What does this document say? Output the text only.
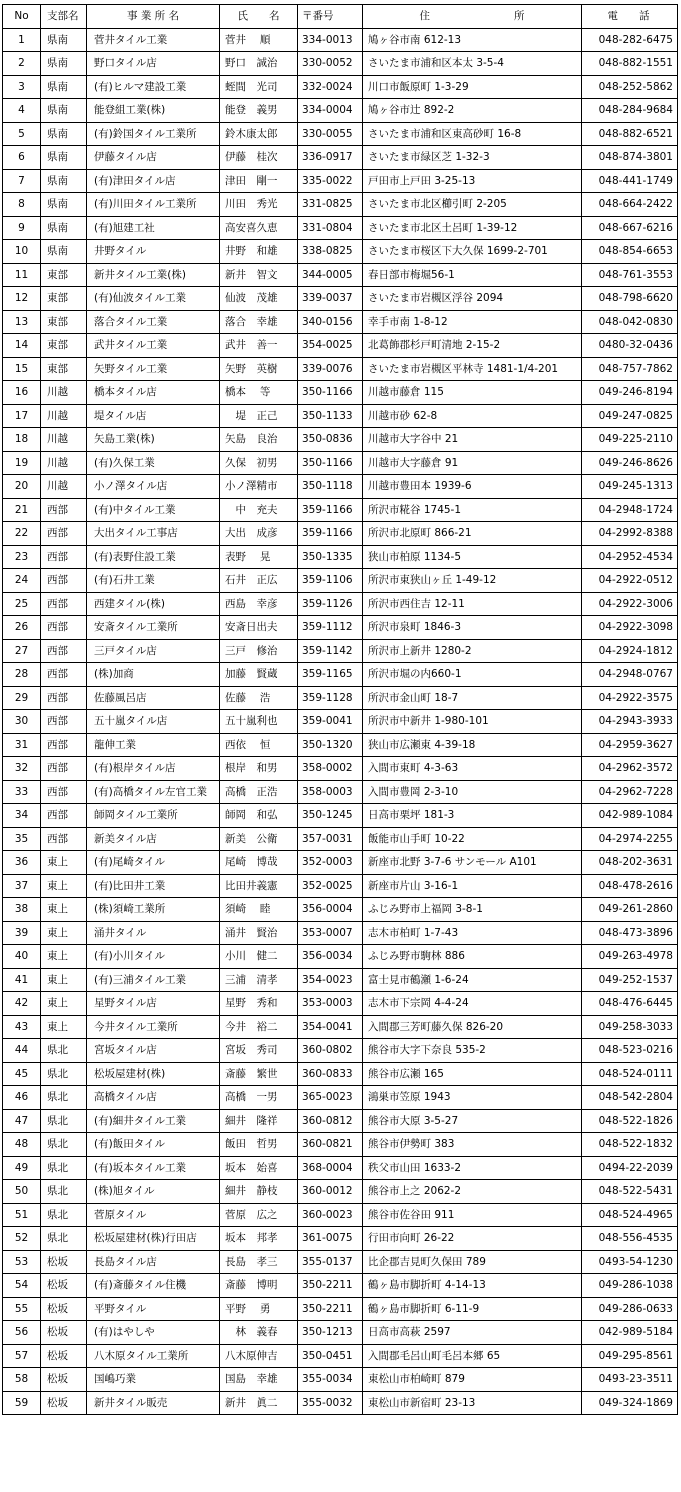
No	支部名	事 業 所 名	氏　　名	〒番号	住　　　　　　　　所	電　　話
1	県南	菅井タイル工業	菅井　 順	334-0013	鳩ヶ谷市南 612-13	048-282-6475
2	県南	野口タイル店	野口　誠治	330-0052	さいたま市浦和区本太 3-5-4	048-882-1551
3	県南	(有)ヒルマ建設工業	蛭間　光司	332-0024	川口市飯原町 1-3-29	048-252-5862
4	県南	能登組工業(株)	能登　義男	334-0004	鳩ヶ谷市辻 892-2	048-284-9684
5	県南	(有)鈴国タイル工業所	鈴木康太郎	330-0055	さいたま市浦和区東高砂町 16-8	048-882-6521
6	県南	伊藤タイル店	伊藤　桂次	336-0917	さいたま市緑区芝 1-32-3	048-874-3801
7	県南	(有)津田タイル店	津田　剛一	335-0022	戸田市上戸田 3-25-13	048-441-1749
8	県南	(有)川田タイル工業所	川田　秀光	331-0825	さいたま市北区櫛引町 2-205	048-664-2422
9	県南	(有)旭建工社	高安喜久恵	331-0804	さいたま市北区土呂町 1-39-12	048-667-6216
10	県南	井野タイル	井野　和雄	338-0825	さいたま市桜区下大久保 1699-2-701	048-854-6653
11	東部	新井タイル工業(株)	新井　智文	344-0005	春日部市梅堀56-1	048-761-3553
12	東部	(有)仙波タイル工業	仙波　茂雄	339-0037	さいたま市岩槻区浮谷 2094	048-798-6620
13	東部	落合タイル工業	落合　幸雄	340-0156	幸手市南 1-8-12	048-042-0830
14	東部	武井タイル工業	武井　善一	354-0025	北葛飾郡杉戸町清地 2-15-2	0480-32-0436
15	東部	矢野タイル工業	矢野　英樹	339-0076	さいたま市岩槻区平林寺 1481-1/4-201	048-757-7862
16	川越	橋本タイル店	橋本　 等	350-1166	川越市藤倉 115	049-246-8194
17	川越	堤タイル店	　堤　正己	350-1133	川越市砂 62-8	049-247-0825
18	川越	矢島工業(株)	矢島　良治	350-0836	川越市大字谷中 21	049-225-2110
19	川越	(有)久保工業	久保　初男	350-1166	川越市大字藤倉 91	049-246-8626
20	川越	小ノ澤タイル店	小ノ澤精市	350-1118	川越市豊田本 1939-6	049-245-1313
21	西部	(有)中タイル工業	　中　充夫	359-1166	所沢市糀谷 1745-1	04-2948-1724
22	西部	大出タイル工事店	大出　成彦	359-1166	所沢市北原町 866-21	04-2992-8388
23	西部	(有)表野住設工業	表野　 晃	350-1335	狭山市柏原 1134-5	04-2952-4534
24	西部	(有)石井工業	石井　正広	359-1106	所沢市東狭山ヶ丘 1-49-12	04-2922-0512
25	西部	西建タイル(株)	西島　幸彦	359-1126	所沢市西住吉 12-11	04-2922-3006
26	西部	安斎タイル工業所	安斎日出夫	359-1112	所沢市泉町 1846-3	04-2922-3098
27	西部	三戸タイル店	三戸　修治	359-1142	所沢市上新井 1280-2	04-2924-1812
28	西部	(株)加商	加藤　賢蔵	359-1165	所沢市堀の内660-1	04-2948-0767
29	西部	佐藤風呂店	佐藤　 浩	359-1128	所沢市金山町 18-7	04-2922-3575
30	西部	五十嵐タイル店	五十嵐利也	359-0041	所沢市中新井 1-980-101	04-2943-3933
31	西部	龍伸工業	西依　 恒	350-1320	狭山市広瀬東 4-39-18	04-2959-3627
32	西部	(有)根岸タイル店	根岸　和男	358-0002	入間市東町 4-3-63	04-2962-3572
33	西部	(有)高橋タイル左官工業	高橋　正浩	358-0003	入間市豊岡 2-3-10	04-2962-7228
34	西部	師岡タイル工業所	師岡　和弘	350-1245	日高市栗坪 181-3	042-989-1084
35	西部	新美タイル店	新美　公衛	357-0031	飯能市山手町 10-22	04-2974-2255
36	東上	(有)尾崎タイル	尾崎　博哉	352-0003	新座市北野 3-7-6 サンモール A101	048-202-3631
37	東上	(有)比田井工業	比田井義憲	352-0025	新座市片山 3-16-1	048-478-2616
38	東上	(株)須崎工業所	須崎　 睦	356-0004	ふじみ野市上福岡 3-8-1	049-261-2860
39	東上	涌井タイル	涌井　賢治	353-0007	志木市柏町 1-7-43	048-473-3896
40	東上	(有)小川タイル	小川　健二	356-0034	ふじみ野市駒林 886	049-263-4978
41	東上	(有)三浦タイル工業	三浦　清孝	354-0023	富士見市鶴瀬 1-6-24	049-252-1537
42	東上	星野タイル店	星野　秀和	353-0003	志木市下宗岡 4-4-24	048-476-6445
43	東上	今井タイル工業所	今井　裕二	354-0041	入間郡三芳町藤久保 826-20	049-258-3033
44	県北	宮坂タイル店	宮坂　秀司	360-0802	熊谷市大字下奈良 535-2	048-523-0216
45	県北	松坂屋建材(株)	斎藤　繁世	360-0833	熊谷市広瀬 165	048-524-0111
46	県北	高橋タイル店	高橋　一男	365-0023	鴻巣市笠原 1943	048-542-2804
47	県北	(有)細井タイル工業	細井　隆祥	360-0812	熊谷市大原 3-5-27	048-522-1826
48	県北	(有)飯田タイル	飯田　哲男	360-0821	熊谷市伊勢町 383	048-522-1832
49	県北	(有)坂本タイル工業	坂本　始喜	368-0004	秩父市山田 1633-2	0494-22-2039
50	県北	(株)旭タイル	細井　静枝	360-0012	熊谷市上之 2062-2	048-522-5431
51	県北	菅原タイル	菅原　広之	360-0023	熊谷市佐谷田 911	048-524-4965
52	県北	松坂屋建材(株)行田店	坂本　邦孝	361-0075	行田市向町 26-22	048-556-4535
53	松坂	長島タイル店	長島　孝三	355-0137	比企郡吉見町久保田 789	0493-54-1230
54	松坂	(有)斎藤タイル住機	斎藤　博明	350-2211	鶴ヶ島市脚折町 4-14-13	049-286-1038
55	松坂	平野タイル	平野　 勇	350-2211	鶴ヶ島市脚折町 6-11-9	049-286-0633
56	松坂	(有)はやしや	　林　義春	350-1213	日高市高萩 2597	042-989-5184
57	松坂	八木原タイル工業所	八木原伸吉	350-0451	入間郡毛呂山町毛呂本郷 65	049-295-8561
58	松坂	国嶋巧業	国島　幸雄	355-0034	東松山市柏崎町 879	0493-23-3511
59	松坂	新井タイル販売	新井　眞二	355-0032	東松山市新宿町 23-13	049-324-1869
